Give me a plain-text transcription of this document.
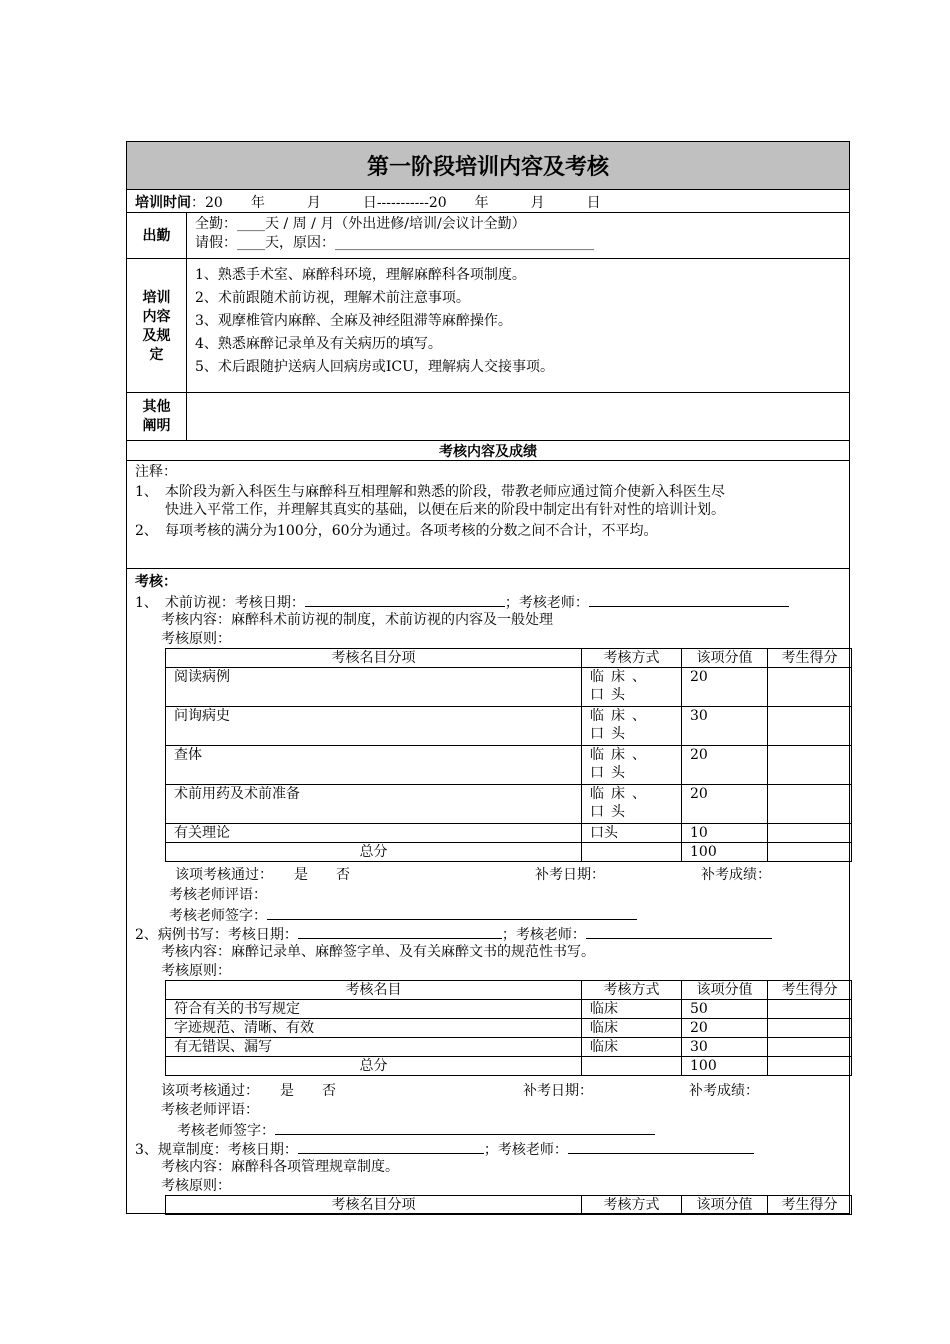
第一阶段培训内容及考核
培训时间：20　　年　　　月　　　日-----------20　　年　　　月　　　日
出勤
全勤：____天 / 周 / 月（外出进修/培训/会议计全勤）
请假：____天，原因：_____________________________________
培训内容及规定
1、熟悉手术室、麻醉科环境，理解麻醉科各项制度。
2、术前跟随术前访视，理解术前注意事项。
3、观摩椎管内麻醉、全麻及神经阻滞等麻醉操作。
4、熟悉麻醉记录单及有关病历的填写。
5、术后跟随护送病人回病房或ICU，理解病人交接事项。
其他阐明
考核内容及成绩
注释：
1、 本阶段为新入科医生与麻醉科互相理解和熟悉的阶段，带教老师应通过简介使新入科医生尽
快进入平常工作，并理解其真实的基础，以便在后来的阶段中制定出有针对性的培训计划。
2、 每项考核的满分为100分，60分为通过。各项考核的分数之间不合计，不平均。
考核：
1、　术前访视：考核日期：	；考核老师：
考核内容：麻醉科术前访视的制度，术前访视的内容及一般处理
考核原则：
考核名目分项	考核方式	该项分值	考生得分
阅读病例	临床、口头	20	
问询病史	临床、口头	30	
查体	临床、口头	20	
术前用药及术前准备	临床、口头	20	
有关理论	口头	10	
总分		100	
该项考核通过：　　是　　否	补考日期：	补考成绩：
考核老师评语：
考核老师签字：
2、病例书写：考核日期：	；考核老师：
考核内容：麻醉记录单、麻醉签字单、及有关麻醉文书的规范性书写。
考核原则：
考核名目	考核方式	该项分值	考生得分
符合有关的书写规定	临床	50	
字迹规范、清晰、有效	临床	20	
有无错误、漏写	临床	30	
总分		100	
该项考核通过：　　是　　否	补考日期：	补考成绩：
考核老师评语：
考核老师签字：
3、规章制度：考核日期：	；考核老师：
考核内容：麻醉科各项管理规章制度。
考核原则：
考核名目分项	考核方式	该项分值	考生得分
